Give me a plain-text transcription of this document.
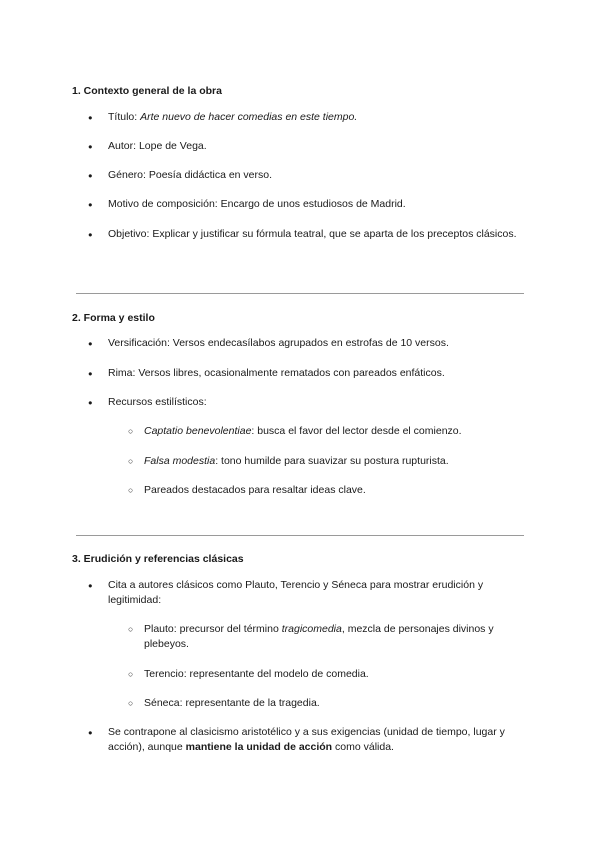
1. Contexto general de la obra
● Título: Arte nuevo de hacer comedias en este tiempo.
● Autor: Lope de Vega.
● Género: Poesía didáctica en verso.
● Motivo de composición: Encargo de unos estudiosos de Madrid.
● Objetivo: Explicar y justificar su fórmula teatral, que se aparta de los preceptos clásicos.
2. Forma y estilo
● Versificación: Versos endecasílabos agrupados en estrofas de 10 versos.
● Rima: Versos libres, ocasionalmente rematados con pareados enfáticos.
● Recursos estilísticos:
○ Captatio benevolentiae: busca el favor del lector desde el comienzo.
○ Falsa modestia: tono humilde para suavizar su postura rupturista.
○ Pareados destacados para resaltar ideas clave.
3. Erudición y referencias clásicas
● Cita a autores clásicos como Plauto, Terencio y Séneca para mostrar erudición y legitimidad:
○ Plauto: precursor del término tragicomedia, mezcla de personajes divinos y plebeyos.
○ Terencio: representante del modelo de comedia.
○ Séneca: representante de la tragedia.
● Se contrapone al clasicismo aristotélico y a sus exigencias (unidad de tiempo, lugar y acción), aunque mantiene la unidad de acción como válida.
